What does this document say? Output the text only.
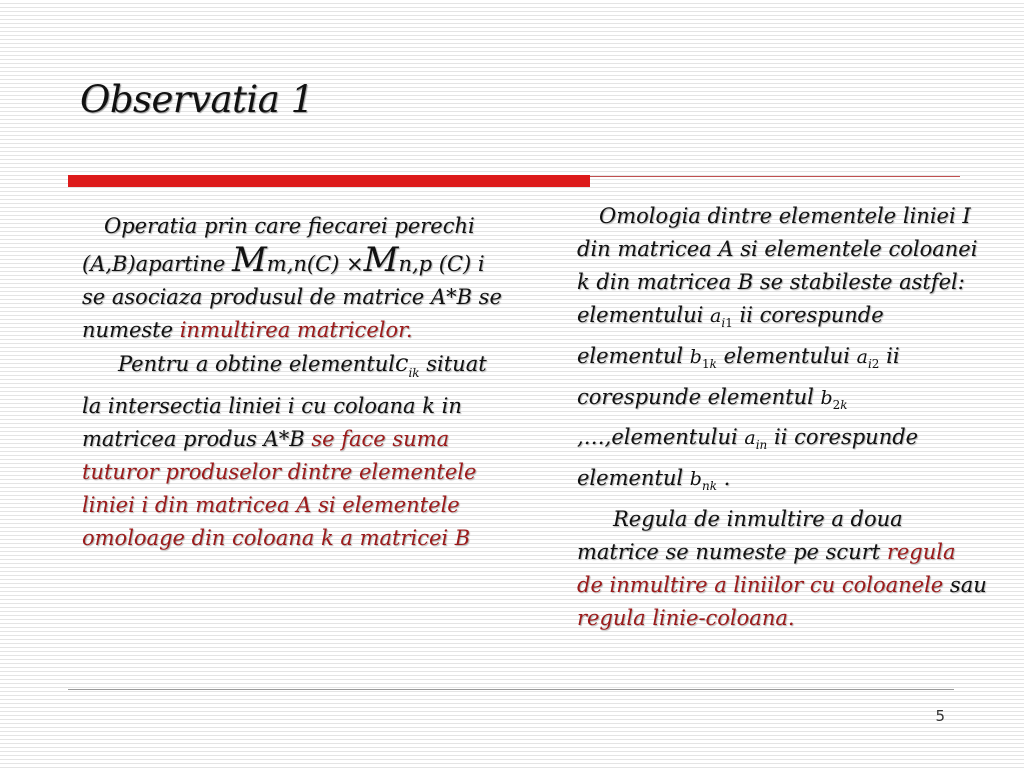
Observatia 1

Operatia prin care fiecarei perechi (A,B)apartine Mm,n(C) ×Mn,p (C) i se asociaza produsul de matrice A*B se numeste inmultirea matricelor.

Pentru a obtine elementulc$_{ik}$ situat la intersectia liniei i cu coloana k in matricea produs A*B se face suma tuturor produselor dintre elementele liniei i din matricea A si elementele omoloage din coloana k a matricei B

Omologia dintre elementele liniei I din matricea A si elementele coloanei k din matricea B se stabileste astfel: elementului $a_{i1}$ ii corespunde elementul $b_{1k}$ elementului $a_{i2}$ ii corespunde elementul $b_{2k}$ ,…,elementului $a_{in}$ ii corespunde elementul $b_{nk}$ .

Regula de inmultire a doua matrice se numeste pe scurt regula de inmultire a liniilor cu coloanele sau regula linie-coloana.

5
